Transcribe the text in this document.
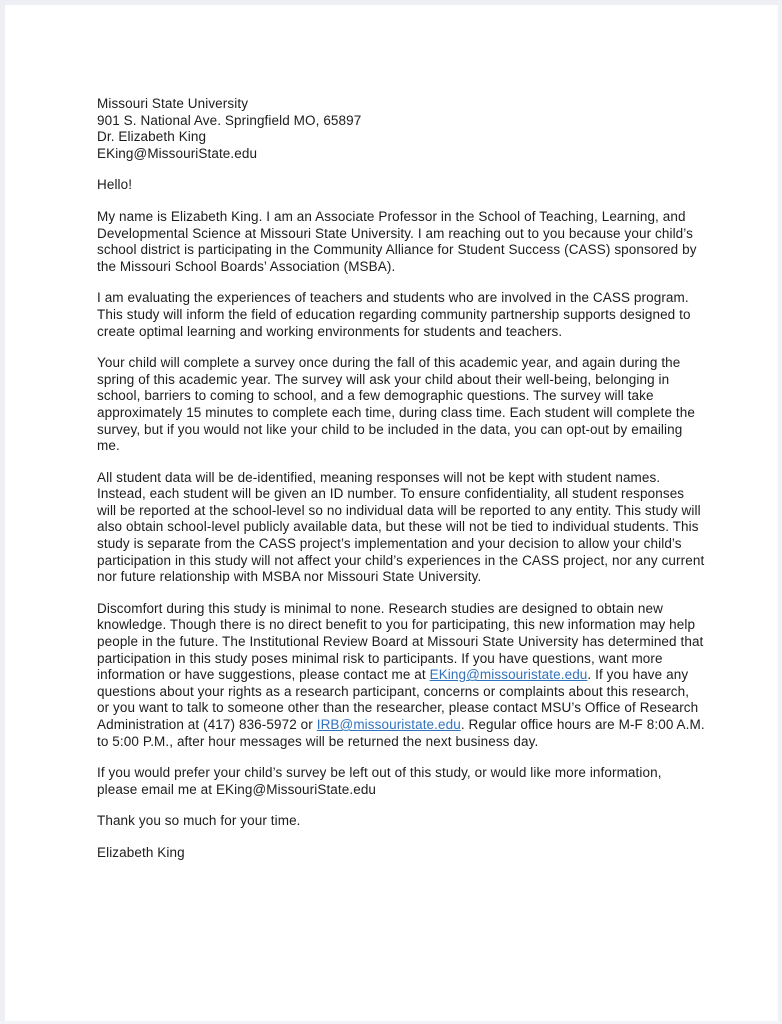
Missouri State University
901 S. National Ave. Springfield MO, 65897
Dr. Elizabeth King
EKing@MissouriState.edu

Hello!

My name is Elizabeth King. I am an Associate Professor in the School of Teaching, Learning, and Developmental Science at Missouri State University. I am reaching out to you because your child’s school district is participating in the Community Alliance for Student Success (CASS) sponsored by the Missouri School Boards’ Association (MSBA).

I am evaluating the experiences of teachers and students who are involved in the CASS program. This study will inform the field of education regarding community partnership supports designed to create optimal learning and working environments for students and teachers.

Your child will complete a survey once during the fall of this academic year, and again during the spring of this academic year. The survey will ask your child about their well-being, belonging in school, barriers to coming to school, and a few demographic questions. The survey will take approximately 15 minutes to complete each time, during class time. Each student will complete the survey, but if you would not like your child to be included in the data, you can opt-out by emailing me.

All student data will be de-identified, meaning responses will not be kept with student names. Instead, each student will be given an ID number. To ensure confidentiality, all student responses will be reported at the school-level so no individual data will be reported to any entity. This study will also obtain school-level publicly available data, but these will not be tied to individual students. This study is separate from the CASS project’s implementation and your decision to allow your child’s participation in this study will not affect your child’s experiences in the CASS project, nor any current nor future relationship with MSBA nor Missouri State University.

Discomfort during this study is minimal to none. Research studies are designed to obtain new knowledge. Though there is no direct benefit to you for participating, this new information may help people in the future. The Institutional Review Board at Missouri State University has determined that participation in this study poses minimal risk to participants. If you have questions, want more information or have suggestions, please contact me at EKing@missouristate.edu. If you have any questions about your rights as a research participant, concerns or complaints about this research, or you want to talk to someone other than the researcher, please contact MSU’s Office of Research Administration at (417) 836-5972 or IRB@missouristate.edu. Regular office hours are M-F 8:00 A.M. to 5:00 P.M., after hour messages will be returned the next business day.

If you would prefer your child’s survey be left out of this study, or would like more information, please email me at EKing@MissouriState.edu

Thank you so much for your time.

Elizabeth King
